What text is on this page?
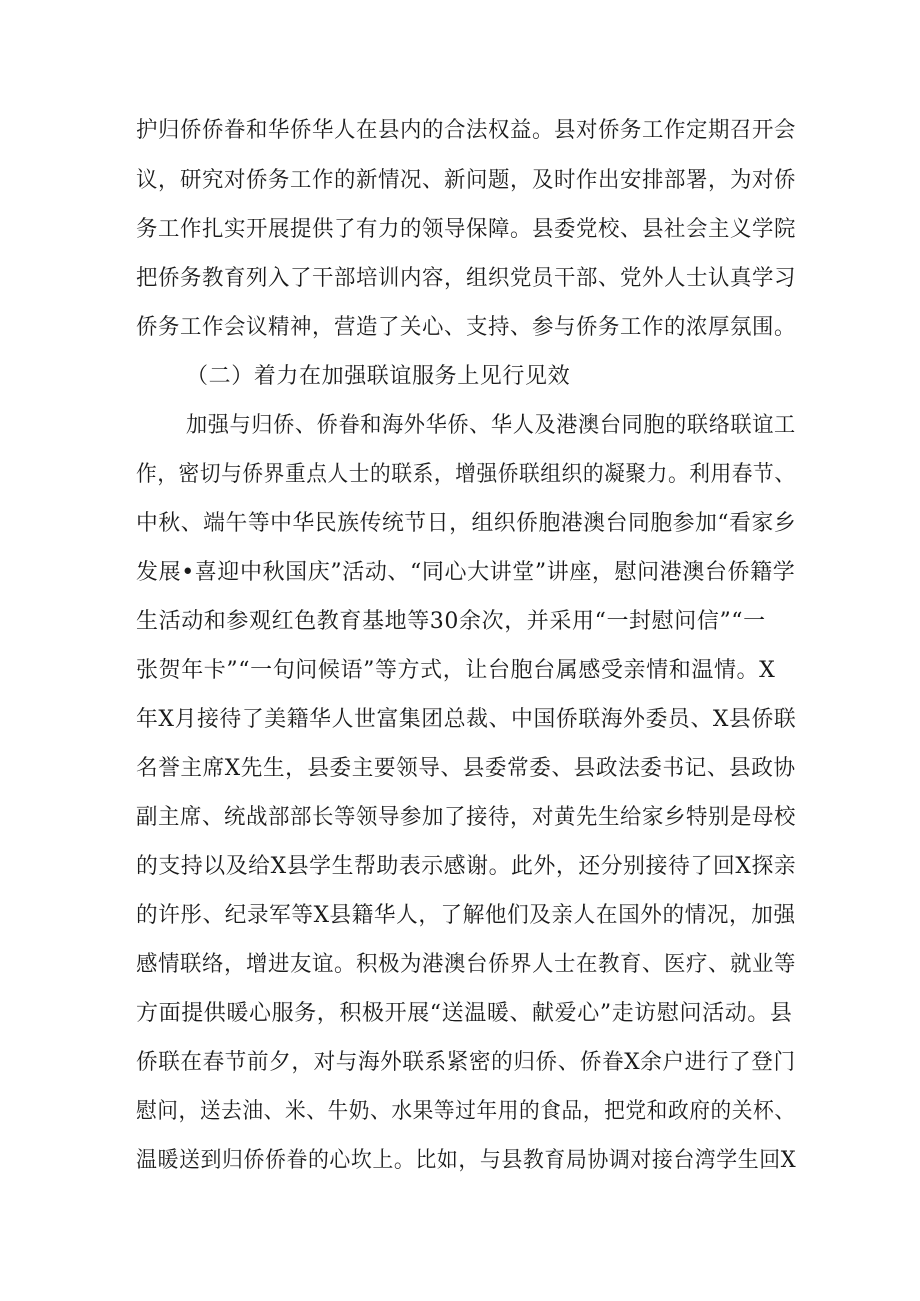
护归侨侨眷和华侨华人在县内的合法权益。县对侨务工作定期召开会
议，研究对侨务工作的新情况、新问题，及时作出安排部署，为对侨
务工作扎实开展提供了有力的领导保障。县委党校、县社会主义学院
把侨务教育列入了干部培训内容，组织党员干部、党外人士认真学习
侨务工作会议精神，营造了关心、支持、参与侨务工作的浓厚氛围。
（二）着力在加强联谊服务上见行见效
加强与归侨、侨眷和海外华侨、华人及港澳台同胞的联络联谊工
作，密切与侨界重点人士的联系，增强侨联组织的凝聚力。利用春节、
中秋、端午等中华民族传统节日，组织侨胞港澳台同胞参加“看家乡
发展•喜迎中秋国庆”活动、“同心大讲堂”讲座，慰问港澳台侨籍学
生活动和参观红色教育基地等30余次，并采用“一封慰问信”“一
张贺年卡”“一句问候语”等方式，让台胞台属感受亲情和温情。X
年X月接待了美籍华人世富集团总裁、中国侨联海外委员、X县侨联
名誉主席X先生，县委主要领导、县委常委、县政法委书记、县政协
副主席、统战部部长等领导参加了接待，对黄先生给家乡特别是母校
的支持以及给X县学生帮助表示感谢。此外，还分别接待了回X探亲
的许彤、纪录军等X县籍华人，了解他们及亲人在国外的情况，加强
感情联络，增进友谊。积极为港澳台侨界人士在教育、医疗、就业等
方面提供暖心服务，积极开展“送温暖、献爱心”走访慰问活动。县
侨联在春节前夕，对与海外联系紧密的归侨、侨眷X余户进行了登门
慰问，送去油、米、牛奶、水果等过年用的食品，把党和政府的关杯、
温暖送到归侨侨眷的心坎上。比如，与县教育局协调对接台湾学生回X
